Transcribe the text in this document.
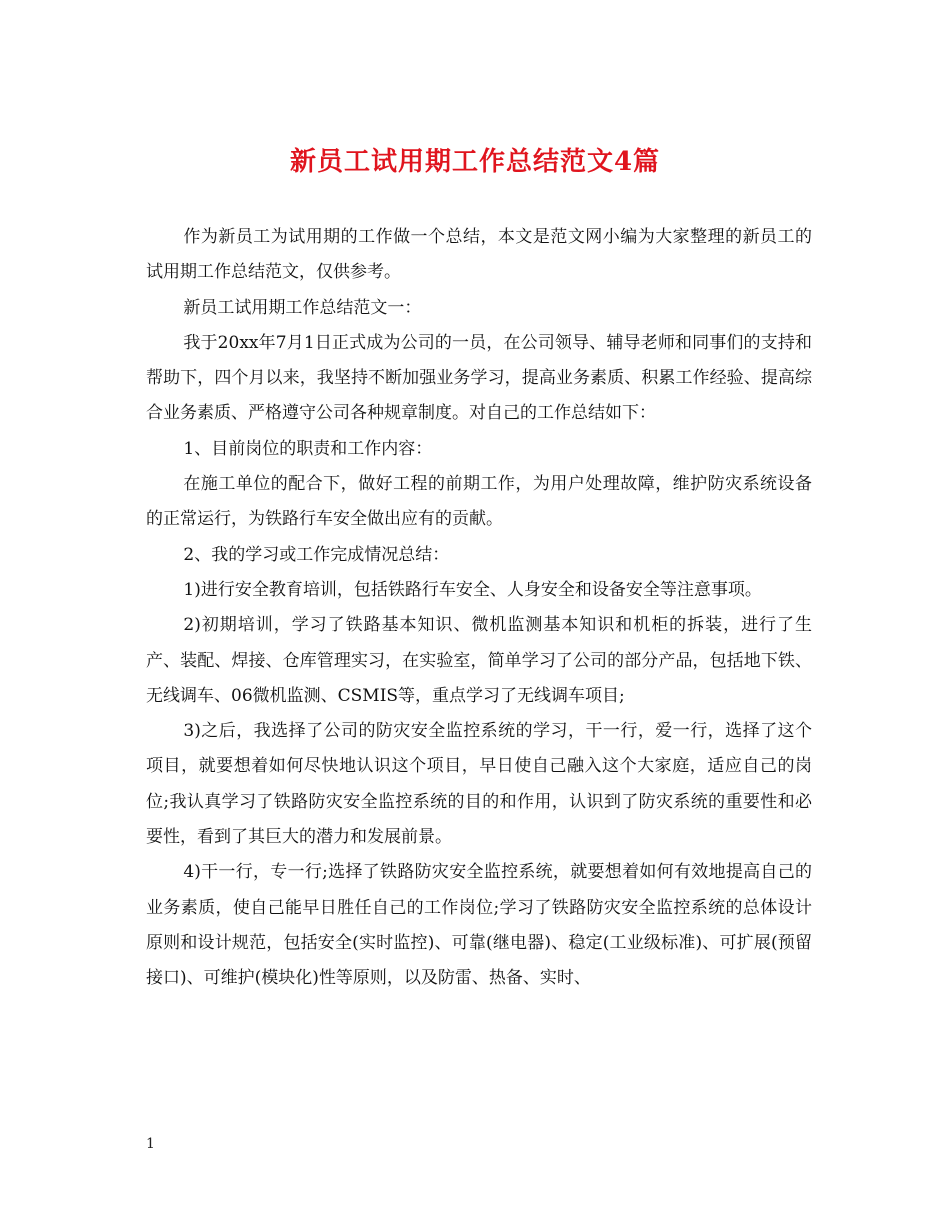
新员工试用期工作总结范文4篇

作为新员工为试用期的工作做一个总结，本文是范文网小编为大家整理的新员工的试用期工作总结范文，仅供参考。

新员工试用期工作总结范文一：

我于20xx年7月1日正式成为公司的一员，在公司领导、辅导老师和同事们的支持和帮助下，四个月以来，我坚持不断加强业务学习，提高业务素质、积累工作经验、提高综合业务素质、严格遵守公司各种规章制度。对自己的工作总结如下：

1、目前岗位的职责和工作内容：

在施工单位的配合下，做好工程的前期工作，为用户处理故障，维护防灾系统设备的正常运行，为铁路行车安全做出应有的贡献。

2、我的学习或工作完成情况总结：

1)进行安全教育培训，包括铁路行车安全、人身安全和设备安全等注意事项。

2)初期培训，学习了铁路基本知识、微机监测基本知识和机柜的拆装，进行了生产、装配、焊接、仓库管理实习，在实验室，简单学习了公司的部分产品，包括地下铁、无线调车、06微机监测、CSMIS等，重点学习了无线调车项目;

3)之后，我选择了公司的防灾安全监控系统的学习，干一行，爱一行，选择了这个项目，就要想着如何尽快地认识这个项目，早日使自己融入这个大家庭，适应自己的岗位;我认真学习了铁路防灾安全监控系统的目的和作用，认识到了防灾系统的重要性和必要性，看到了其巨大的潜力和发展前景。

4)干一行，专一行;选择了铁路防灾安全监控系统，就要想着如何有效地提高自己的业务素质，使自己能早日胜任自己的工作岗位;学习了铁路防灾安全监控系统的总体设计原则和设计规范，包括安全(实时监控)、可靠(继电器)、稳定(工业级标准)、可扩展(预留接口)、可维护(模块化)性等原则，以及防雷、热备、实时、

1
